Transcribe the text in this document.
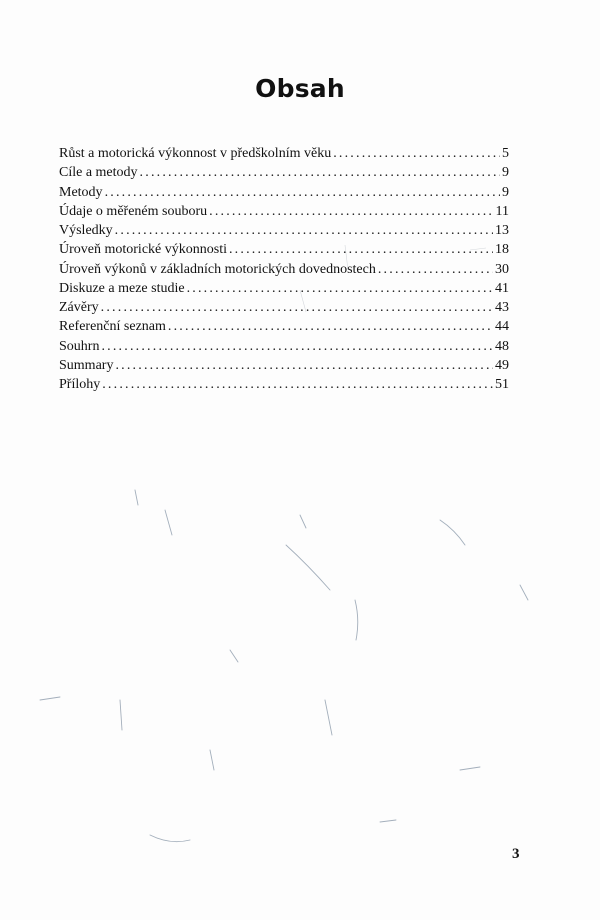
Obsah
Růst a motorická výkonnost v předškolním věku .....	5
Cíle a metody .....	9
Metody .....	9
Údaje o měřeném souboru .....	11
Výsledky .....	13
Úroveň motorické výkonnosti .....	18
Úroveň výkonů v základních motorických dovednostech .....	30
Diskuze a meze studie .....	41
Závěry .....	43
Referenční seznam .....	44
Souhrn .....	48
Summary .....	49
Přílohy .....	51
3
